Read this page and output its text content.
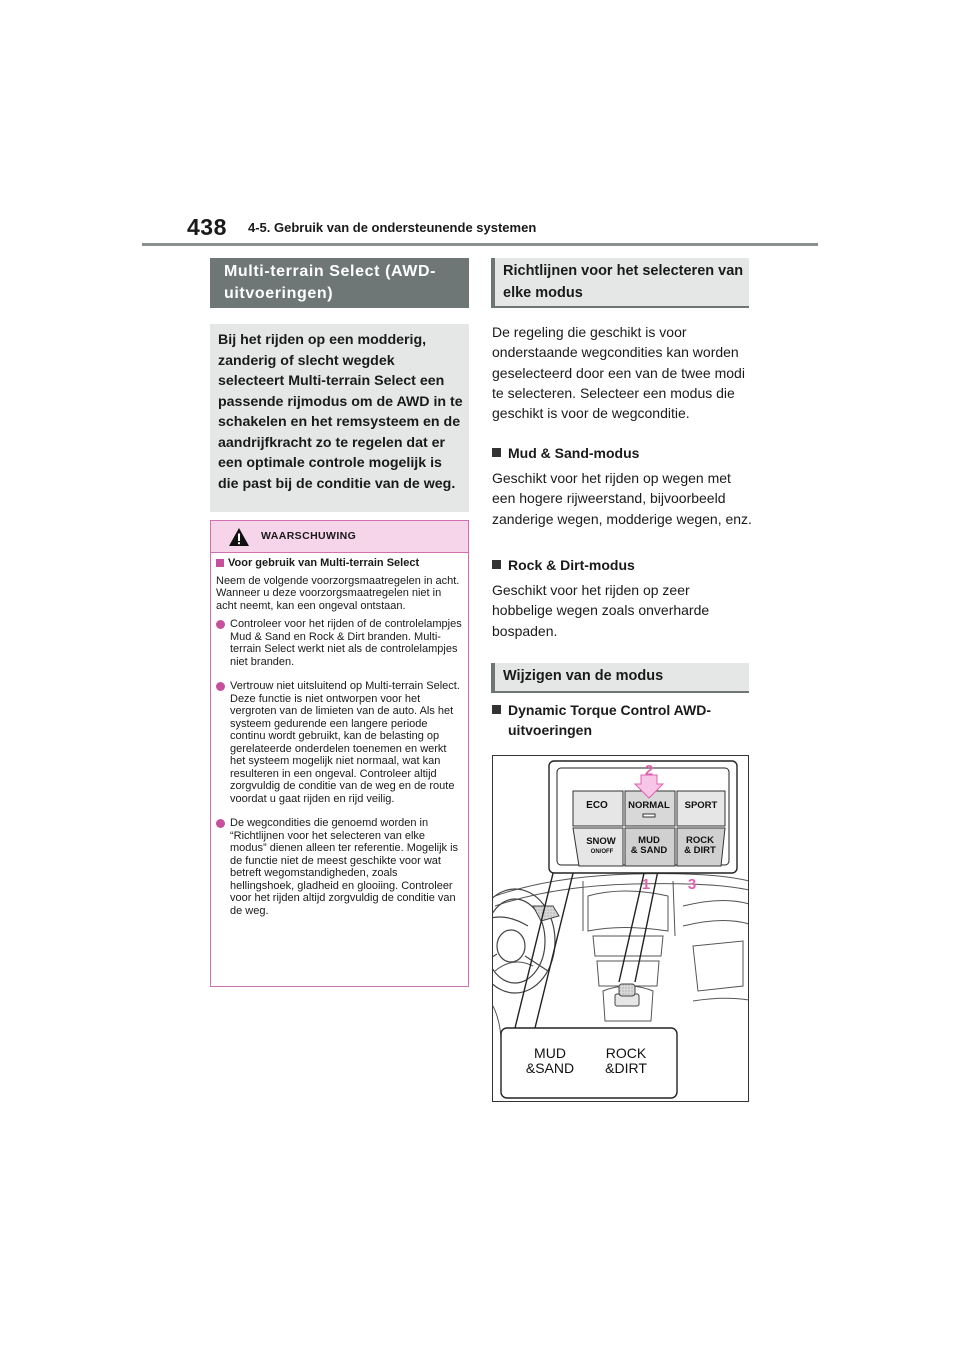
438 4-5. Gebruik van de ondersteunende systemen
Multi-terrain Select (AWD-uitvoeringen)

Bij het rijden op een modderig, zanderig of slecht wegdek selecteert Multi-terrain Select een passende rijmodus om de AWD in te schakelen en het remsysteem en de aandrijfkracht zo te regelen dat er een optimale controle mogelijk is die past bij de conditie van de weg.

WAARSCHUWING
Voor gebruik van Multi-terrain Select
Neem de volgende voorzorgsmaatregelen in acht. Wanneer u deze voorzorgsmaatregelen niet in acht neemt, kan een ongeval ontstaan.
Controleer voor het rijden of de controlelampjes Mud & Sand en Rock & Dirt branden. Multi-terrain Select werkt niet als de controlelampjes niet branden.
Vertrouw niet uitsluitend op Multi-terrain Select. Deze functie is niet ontworpen voor het vergroten van de limieten van de auto. Als het systeem gedurende een langere periode continu wordt gebruikt, kan de belasting op gerelateerde onderdelen toenemen en werkt het systeem mogelijk niet normaal, wat kan resulteren in een ongeval. Controleer altijd zorgvuldig de conditie van de weg en de route voordat u gaat rijden en rijd veilig.
De wegcondities die genoemd worden in “Richtlijnen voor het selecteren van elke modus” dienen alleen ter referentie. Mogelijk is de functie niet de meest geschikte voor wat betreft wegomstandigheden, zoals hellingshoek, gladheid en glooiing. Controleer voor het rijden altijd zorgvuldig de conditie van de weg.
Richtlijnen voor het selecteren van elke modus
De regeling die geschikt is voor onderstaande wegcondities kan worden geselecteerd door een van de twee modi te selecteren. Selecteer een modus die geschikt is voor de wegconditie.
Mud & Sand-modus
Geschikt voor het rijden op wegen met een hogere rijweerstand, bijvoorbeeld zanderige wegen, modderige wegen, enz.
Rock & Dirt-modus
Geschikt voor het rijden op zeer hobbelige wegen zoals onverharde bospaden.
Wijzigen van de modus
Dynamic Torque Control AWD-uitvoeringen
ECO NORMAL SPORT
SNOW
ON/OFF
MUD
& SAND
ROCK
& DIRT
2
1	3
MUD
&SAND
ROCK
&DIRT
